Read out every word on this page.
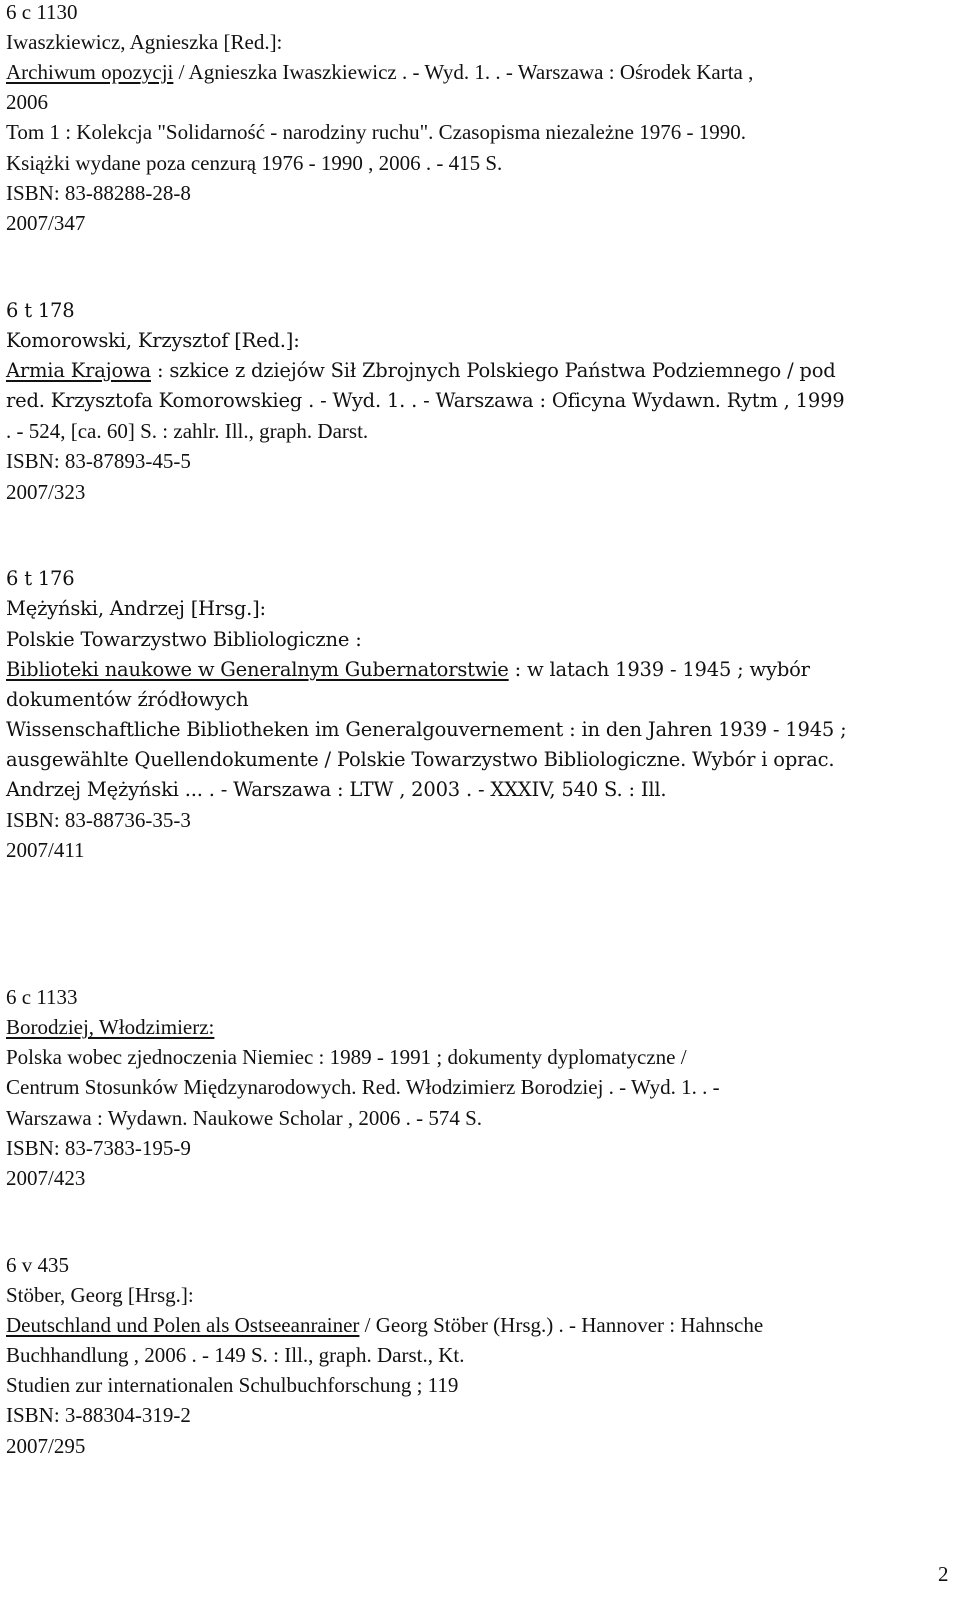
6 c 1130
Iwaszkiewicz, Agnieszka [Red.]:
Archiwum opozycji / Agnieszka Iwaszkiewicz . - Wyd. 1. . - Warszawa : Ośrodek Karta ,
2006
Tom 1 : Kolekcja "Solidarność - narodziny ruchu". Czasopisma niezależne 1976 - 1990.
Książki wydane poza cenzurą 1976 - 1990 , 2006 . - 415 S.
ISBN: 83-88288-28-8
2007/347
6 t 178
Komorowski, Krzysztof [Red.]:
Armia Krajowa : szkice z dziejów Sił Zbrojnych Polskiego Państwa Podziemnego / pod
red. Krzysztofa Komorowskieg . - Wyd. 1. . - Warszawa : Oficyna Wydawn. Rytm , 1999
. - 524, [ca. 60] S. : zahlr. Ill., graph. Darst.
ISBN: 83-87893-45-5
2007/323
6 t 176
Mężyński, Andrzej [Hrsg.]:
Polskie Towarzystwo Bibliologiczne :
Biblioteki naukowe w Generalnym Gubernatorstwie : w latach 1939 - 1945 ; wybór
dokumentów źródłowych
Wissenschaftliche Bibliotheken im Generalgouvernement : in den Jahren 1939 - 1945 ;
ausgewählte Quellendokumente / Polskie Towarzystwo Bibliologiczne. Wybór i oprac.
Andrzej Mężyński ... . - Warszawa : LTW , 2003 . - XXXIV, 540 S. : Ill.
ISBN: 83-88736-35-3
2007/411
6 c 1133
Borodziej, Włodzimierz:
Polska wobec zjednoczenia Niemiec : 1989 - 1991 ; dokumenty dyplomatyczne /
Centrum Stosunków Międzynarodowych. Red. Włodzimierz Borodziej . - Wyd. 1. . -
Warszawa : Wydawn. Naukowe Scholar , 2006 . - 574 S.
ISBN: 83-7383-195-9
2007/423
6 v 435
Stöber, Georg [Hrsg.]:
Deutschland und Polen als Ostseeanrainer / Georg Stöber (Hrsg.) . - Hannover : Hahnsche
Buchhandlung , 2006 . - 149 S. : Ill., graph. Darst., Kt.
Studien zur internationalen Schulbuchforschung ; 119
ISBN: 3-88304-319-2
2007/295
2
